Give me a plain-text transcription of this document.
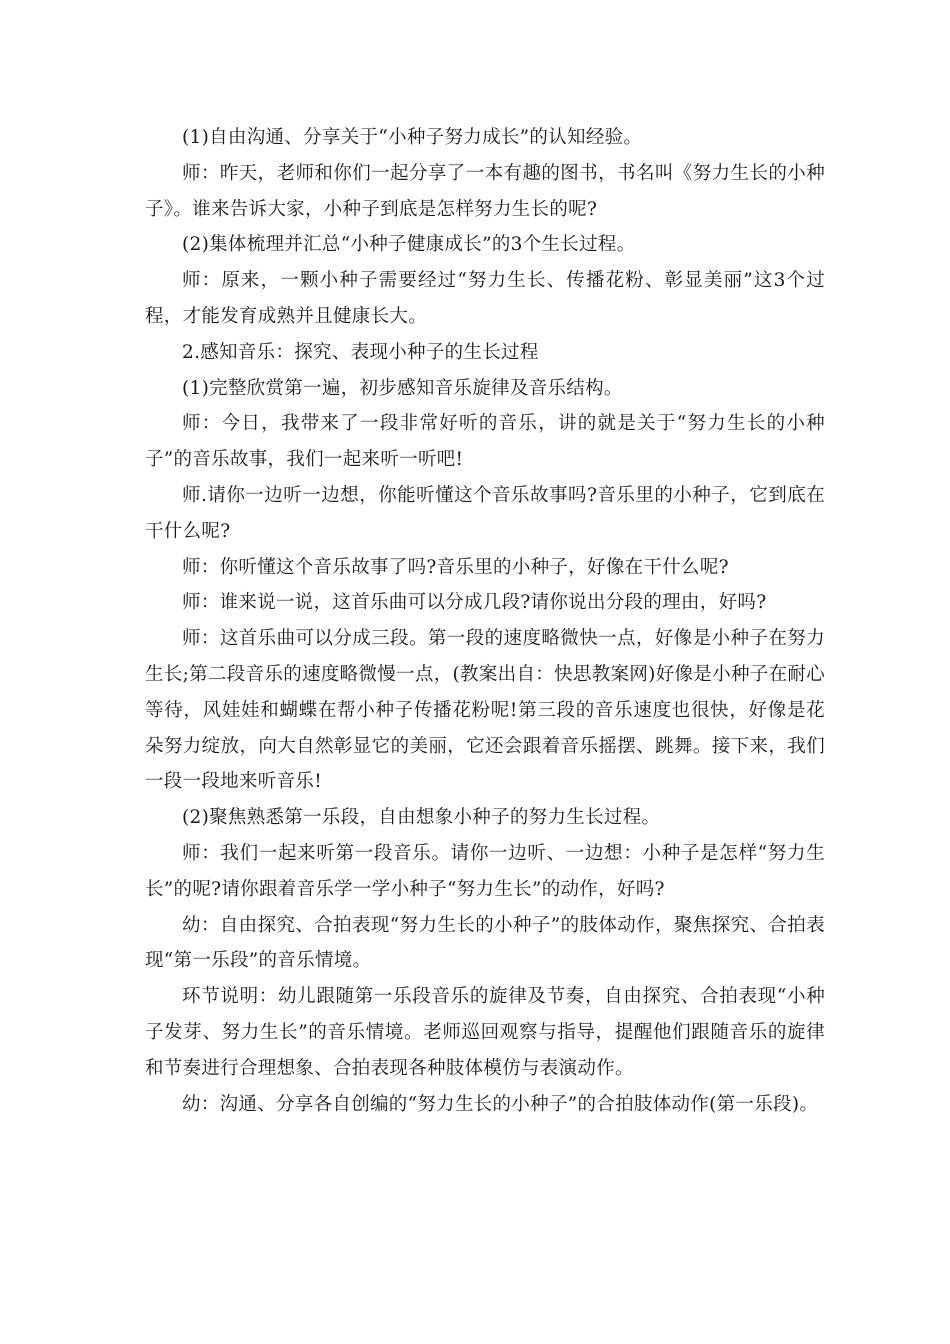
(1)自由沟通、分享关于“小种子努力成长”的认知经验。

师：昨天，老师和你们一起分享了一本有趣的图书，书名叫《努力生长的小种子》。谁来告诉大家，小种子到底是怎样努力生长的呢?

(2)集体梳理并汇总“小种子健康成长”的3个生长过程。

师：原来，一颗小种子需要经过“努力生长、传播花粉、彰显美丽”这3个过程，才能发育成熟并且健康长大。

2.感知音乐：探究、表现小种子的生长过程

(1)完整欣赏第一遍，初步感知音乐旋律及音乐结构。

师：今日，我带来了一段非常好听的音乐，讲的就是关于“努力生长的小种子”的音乐故事，我们一起来听一听吧!

师.请你一边听一边想，你能听懂这个音乐故事吗?音乐里的小种子，它到底在干什么呢?

师：你听懂这个音乐故事了吗?音乐里的小种子，好像在干什么呢?

师：谁来说一说，这首乐曲可以分成几段?请你说出分段的理由，好吗?

师：这首乐曲可以分成三段。第一段的速度略微快一点，好像是小种子在努力生长;第二段音乐的速度略微慢一点，(教案出自：快思教案网)好像是小种子在耐心等待，风娃娃和蝴蝶在帮小种子传播花粉呢!第三段的音乐速度也很快，好像是花朵努力绽放，向大自然彰显它的美丽，它还会跟着音乐摇摆、跳舞。接下来，我们一段一段地来听音乐!

(2)聚焦熟悉第一乐段，自由想象小种子的努力生长过程。

师：我们一起来听第一段音乐。请你一边听、一边想：小种子是怎样“努力生长”的呢?请你跟着音乐学一学小种子“努力生长”的动作，好吗?

幼：自由探究、合拍表现“努力生长的小种子”的肢体动作，聚焦探究、合拍表现“第一乐段”的音乐情境。

环节说明：幼儿跟随第一乐段音乐的旋律及节奏，自由探究、合拍表现“小种子发芽、努力生长”的音乐情境。老师巡回观察与指导，提醒他们跟随音乐的旋律和节奏进行合理想象、合拍表现各种肢体模仿与表演动作。

幼：沟通、分享各自创编的“努力生长的小种子”的合拍肢体动作(第一乐段)。
